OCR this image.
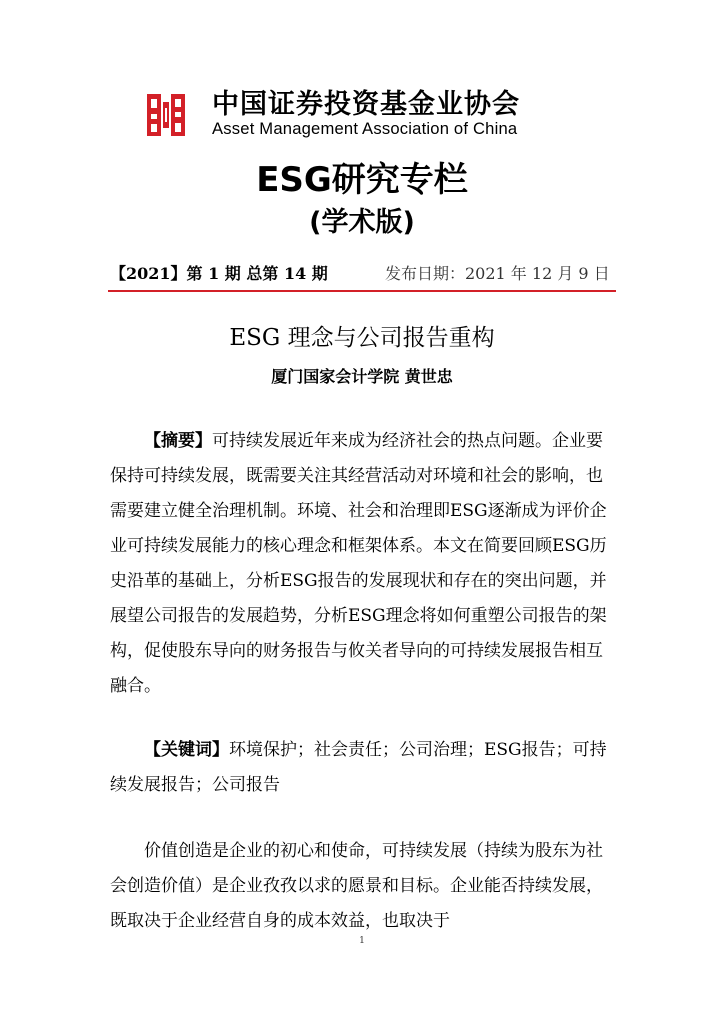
中国证券投资基金业协会
Asset Management Association of China
ESG研究专栏
(学术版)
【2021】第 1 期 总第 14 期	发布日期：2021 年 12 月 9 日
ESG 理念与公司报告重构
厦门国家会计学院 黄世忠

【摘要】可持续发展近年来成为经济社会的热点问题。企业要保持可持续发展，既需要关注其经营活动对环境和社会的影响，也需要建立健全治理机制。环境、社会和治理即ESG逐渐成为评价企业可持续发展能力的核心理念和框架体系。本文在简要回顾ESG历史沿革的基础上，分析ESG报告的发展现状和存在的突出问题，并展望公司报告的发展趋势，分析ESG理念将如何重塑公司报告的架构，促使股东导向的财务报告与攸关者导向的可持续发展报告相互融合。

【关键词】环境保护；社会责任；公司治理；ESG报告；可持续发展报告；公司报告

价值创造是企业的初心和使命，可持续发展（持续为股东为社会创造价值）是企业孜孜以求的愿景和目标。企业能否持续发展，既取决于企业经营自身的成本效益，也取决于

1
